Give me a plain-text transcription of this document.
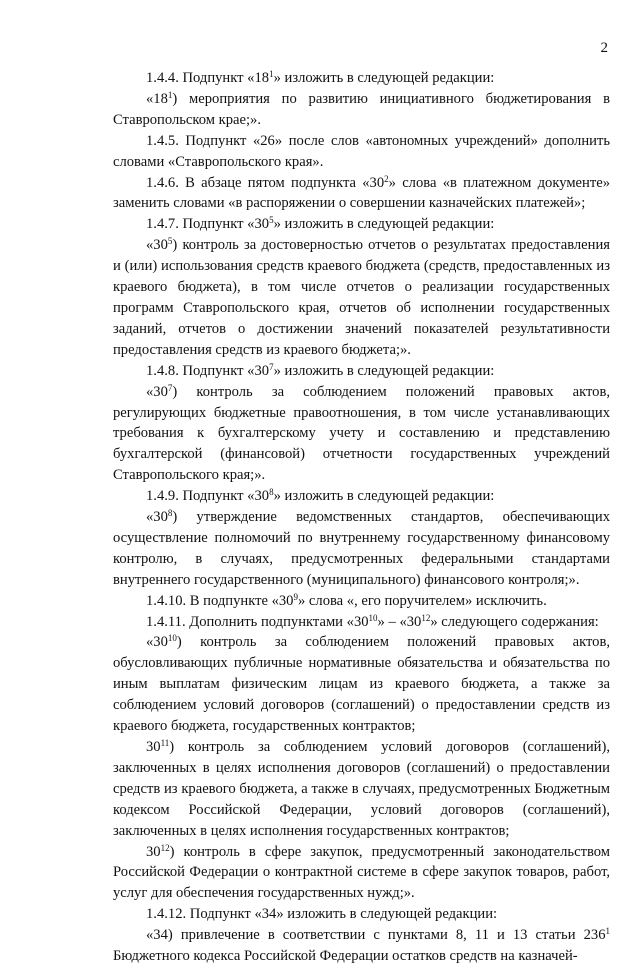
2

1.4.4. Подпункт «$18^1$» изложить в следующей редакции:

«$18^1$) мероприятия по развитию инициативного бюджетирования в Ставропольском крае;».

1.4.5. Подпункт «26» после слов «автономных учреждений» дополнить словами «Ставропольского края».

1.4.6. В абзаце пятом подпункта «$30^2$» слова «в платежном документе» заменить словами «в распоряжении о совершении казначейских платежей»;

1.4.7. Подпункт «$30^5$» изложить в следующей редакции:

«$30^5$) контроль за достоверностью отчетов о результатах предоставления и (или) использования средств краевого бюджета (средств, предоставленных из краевого бюджета), в том числе отчетов о реализации государственных программ Ставропольского края, отчетов об исполнении государственных заданий, отчетов о достижении значений показателей результативности предоставления средств из краевого бюджета;».

1.4.8. Подпункт «$30^7$» изложить в следующей редакции:

«$30^7$) контроль за соблюдением положений правовых актов, регулирующих бюджетные правоотношения, в том числе устанавливающих требования к бухгалтерскому учету и составлению и представлению бухгалтерской (финансовой) отчетности государственных учреждений Ставропольского края;».

1.4.9. Подпункт «$30^8$» изложить в следующей редакции:

«$30^8$) утверждение ведомственных стандартов, обеспечивающих осуществление полномочий по внутреннему государственному финансовому контролю, в случаях, предусмотренных федеральными стандартами внутреннего государственного (муниципального) финансового контроля;».

1.4.10. В подпункте «$30^9$» слова «, его поручителем» исключить.

1.4.11. Дополнить подпунктами «$30^{10}$» – «$30^{12}$» следующего содержания:

«$30^{10}$) контроль за соблюдением положений правовых актов, обусловливающих публичные нормативные обязательства и обязательства по иным выплатам физическим лицам из краевого бюджета, а также за соблюдением условий договоров (соглашений) о предоставлении средств из краевого бюджета, государственных контрактов;

$30^{11}$) контроль за соблюдением условий договоров (соглашений), заключенных в целях исполнения договоров (соглашений) о предоставлении средств из краевого бюджета, а также в случаях, предусмотренных Бюджетным кодексом Российской Федерации, условий договоров (соглашений), заключенных в целях исполнения государственных контрактов;

$30^{12}$) контроль в сфере закупок, предусмотренный законодательством Российской Федерации о контрактной системе в сфере закупок товаров, работ, услуг для обеспечения государственных нужд;».

1.4.12. Подпункт «34» изложить в следующей редакции:

«34) привлечение в соответствии с пунктами 8, 11 и 13 статьи $236^1$ Бюджетного кодекса Российской Федерации остатков средств на казначей-
